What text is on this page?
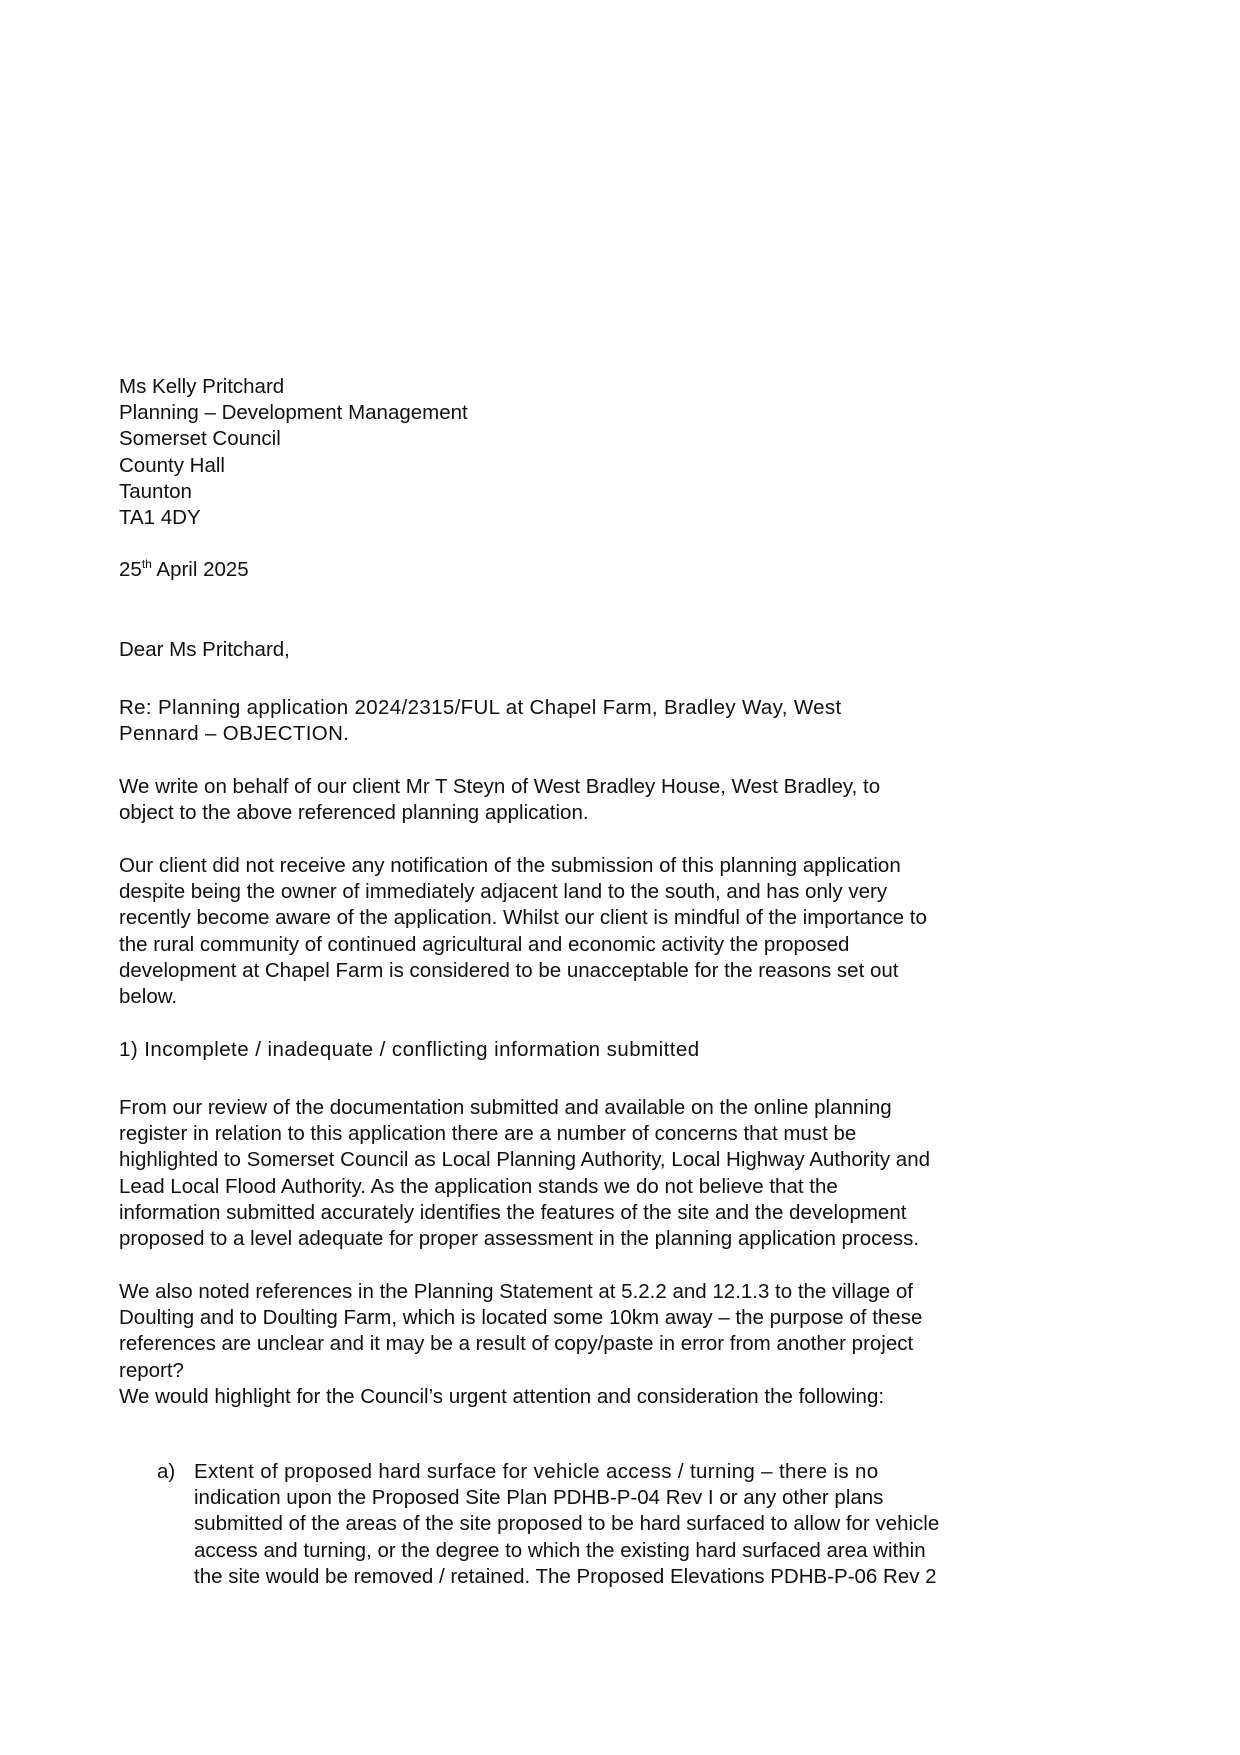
Ms Kelly Pritchard
Planning – Development Management
Somerset Council
County Hall
Taunton
TA1 4DY
25th April 2025
Dear Ms Pritchard,
Re: Planning application 2024/2315/FUL at Chapel Farm, Bradley Way, West
Pennard – OBJECTION.
We write on behalf of our client Mr T Steyn of West Bradley House, West Bradley, to
object to the above referenced planning application.
Our client did not receive any notification of the submission of this planning application
despite being the owner of immediately adjacent land to the south, and has only very
recently become aware of the application. Whilst our client is mindful of the importance to
the rural community of continued agricultural and economic activity the proposed
development at Chapel Farm is considered to be unacceptable for the reasons set out
below.
1) Incomplete / inadequate / conflicting information submitted
From our review of the documentation submitted and available on the online planning
register in relation to this application there are a number of concerns that must be
highlighted to Somerset Council as Local Planning Authority, Local Highway Authority and
Lead Local Flood Authority. As the application stands we do not believe that the
information submitted accurately identifies the features of the site and the development
proposed to a level adequate for proper assessment in the planning application process.
We also noted references in the Planning Statement at 5.2.2 and 12.1.3 to the village of
Doulting and to Doulting Farm, which is located some 10km away – the purpose of these
references are unclear and it may be a result of copy/paste in error from another project
report?
We would highlight for the Council’s urgent attention and consideration the following:
a) Extent of proposed hard surface for vehicle access / turning – there is no
indication upon the Proposed Site Plan PDHB-P-04 Rev I or any other plans
submitted of the areas of the site proposed to be hard surfaced to allow for vehicle
access and turning, or the degree to which the existing hard surfaced area within
the site would be removed / retained. The Proposed Elevations PDHB-P-06 Rev 2
